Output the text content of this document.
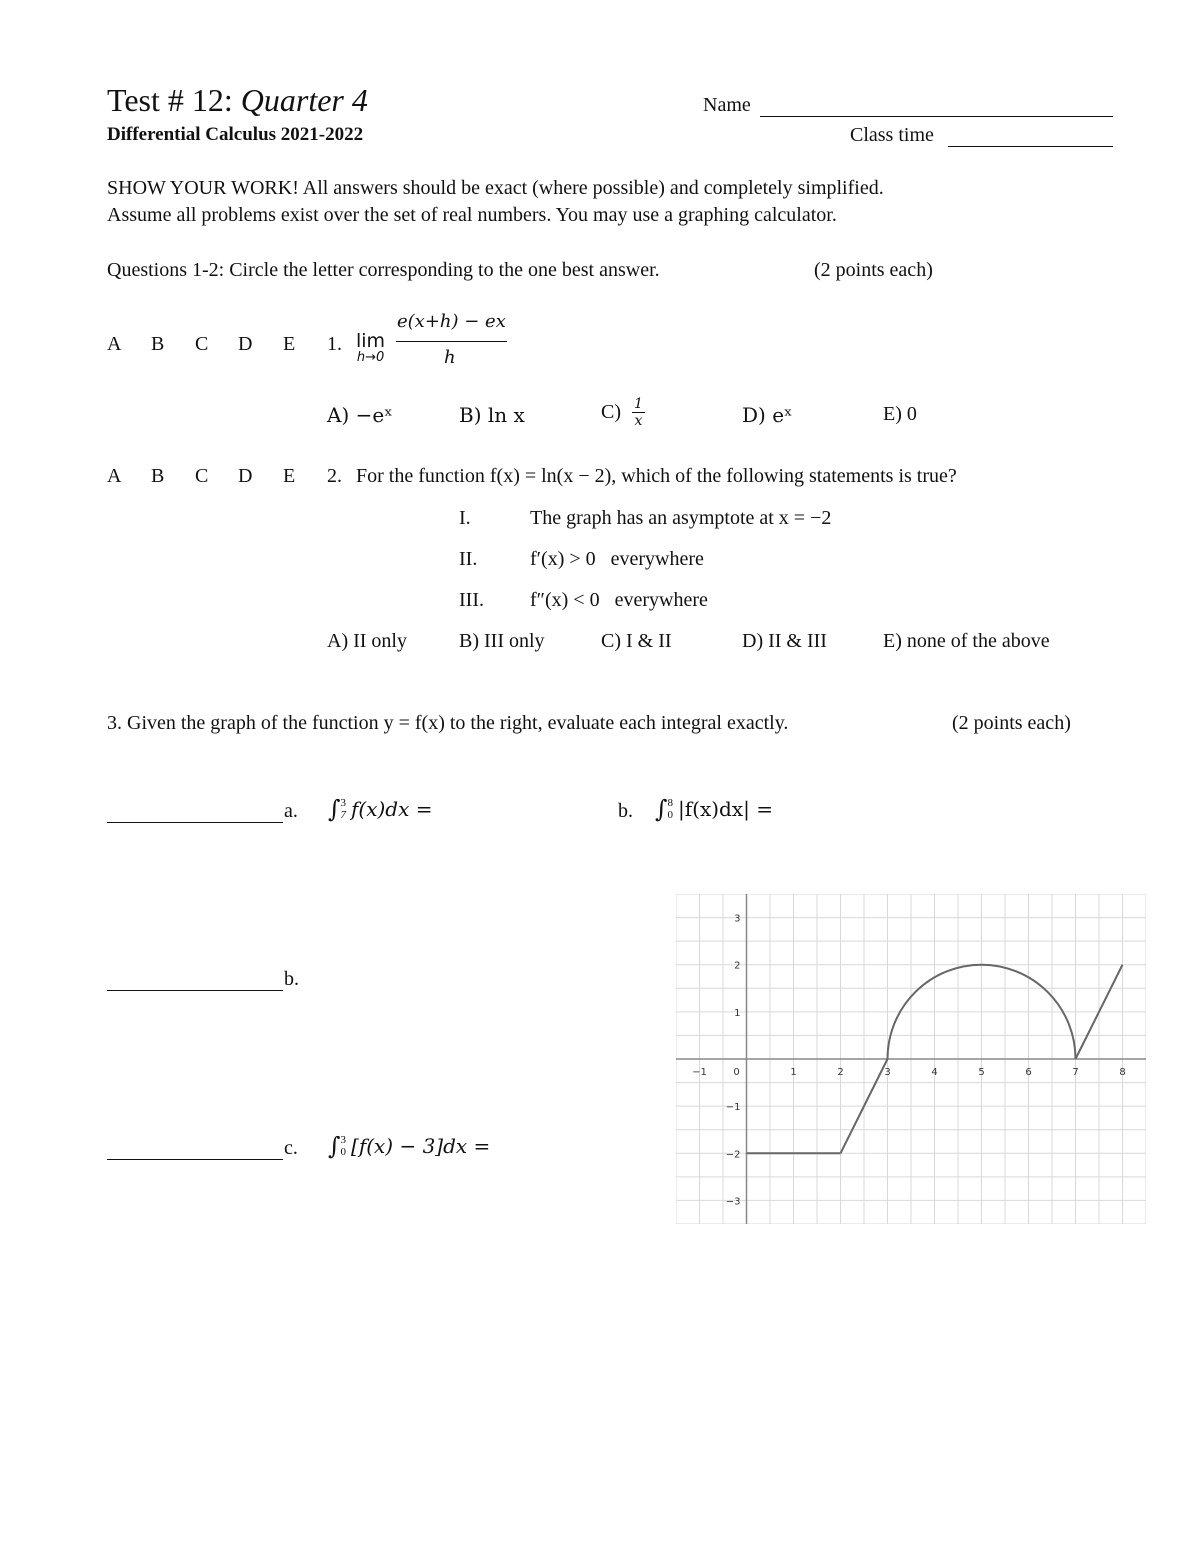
Test # 12: Quarter 4
Differential Calculus 2021-2022
Name
Class time
SHOW YOUR WORK! All answers should be exact (where possible) and completely simplified.
Assume all problems exist over the set of real numbers. You may use a graphing calculator.
Questions 1-2: Circle the letter corresponding to the one best answer.	(2 points each)
A B C D E 1. lim
h→0
e(x+h) − ex
h
A) −eˣ	B) ln x	$C) \frac{1}{x}$	D) eˣ	E) 0
A B C D E 2. For the function f(x) = ln(x − 2), which of the following statements is true?
I.	The graph has an asymptote at x = −2
II.	f′(x) > 0   everywhere
III. f″(x) < 0   everywhere
A) II only	B) III only	C) I & II	D) II & III	E) none of the above
3. Given the graph of the function y = f(x) to the right, evaluate each integral exactly.	(2 points each)
a. ∫ 3
7 f(x)dx =	b. ∫ 8
0 |f(x)dx| =
b.
c. ∫ 3
0 [f(x) − 3]dx =
−1	0	1	2	3	4	5	6	7	8
3
2
1
−1
−2
−3
